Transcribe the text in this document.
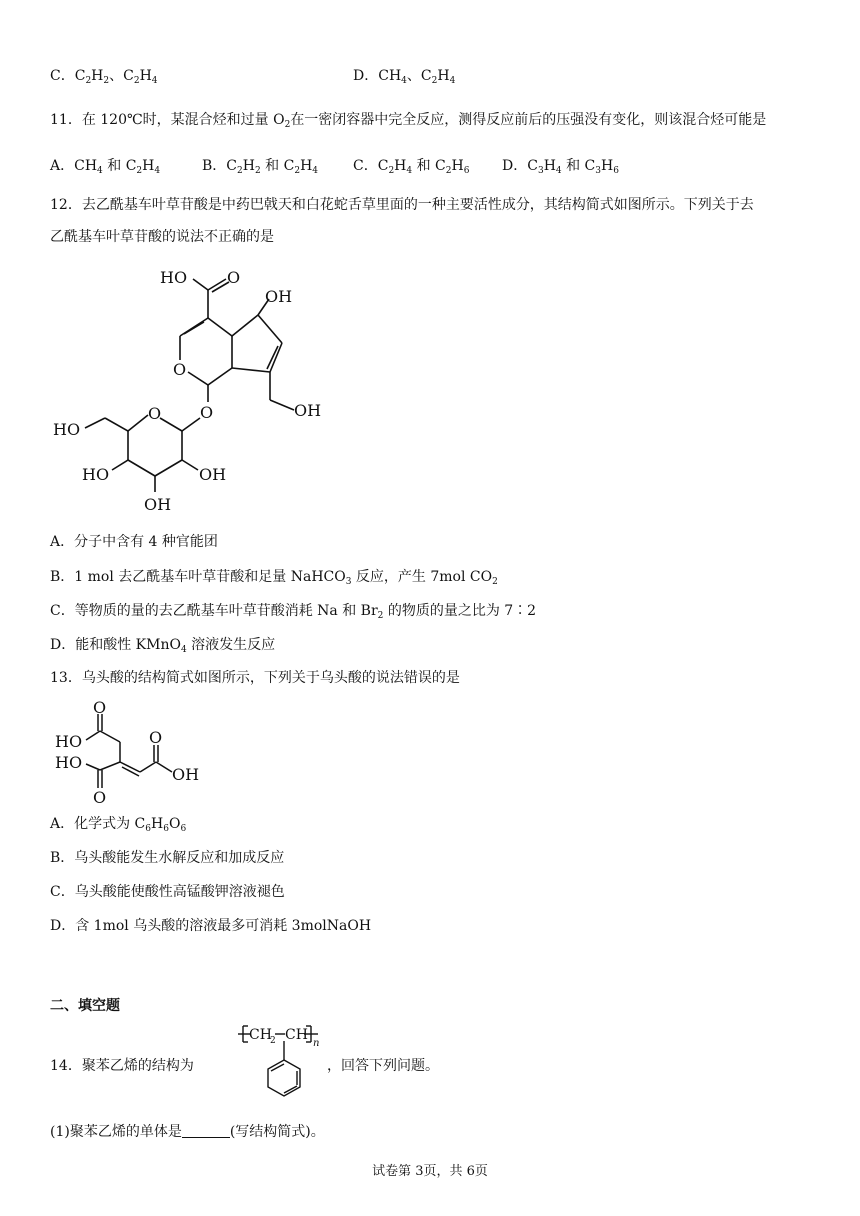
C．$C_2H_2$、$C_2H_4$	D．$CH_4$、$C_2H_4$
11．在 120℃时，某混合烃和过量 $O_2$在一密闭容器中完全反应，测得反应前后的压强没有变化，则该混合烃可能是
A．$CH_4$ 和 $C_2H_4$	B．$C_2H_2$ 和 $C_2H_4$ C．$C_2H_4$ 和 $C_2H_6$ D．$C_3H_4$ 和 $C_3H_6$
12．去乙酰基车叶草苷酸是中药巴戟天和白花蛇舌草里面的一种主要活性成分，其结构简式如图所示。下列关于去
乙酰基车叶草苷酸的说法不正确的是
HO O
OH
O
O	OH
O
HO
HO	OH
OH
A．分子中含有 4 种官能团
B．1 mol 去乙酰基车叶草苷酸和足量 NaHCO$_3$ 反应，产生 7mol $CO_2$
C．等物质的量的去乙酰基车叶草苷酸消耗 Na 和 $Br_2$ 的物质的量之比为 7∶2
D．能和酸性 KMnO$_4$ 溶液发生反应
13．乌头酸的结构简式如图所示，下列关于乌头酸的说法错误的是
O
HO	O
HO
OH
O
A．化学式为 $C_6H_6O_6$
B．乌头酸能发生水解反应和加成反应
C．乌头酸能使酸性高锰酸钾溶液褪色
D．含 1mol 乌头酸的溶液最多可消耗 3molNaOH
二、填空题
14．聚苯乙烯的结构为
CH
2 CH
n
，回答下列问题。
(1)聚苯乙烯的单体是	(写结构简式)。
试卷第 3页，共 6页
